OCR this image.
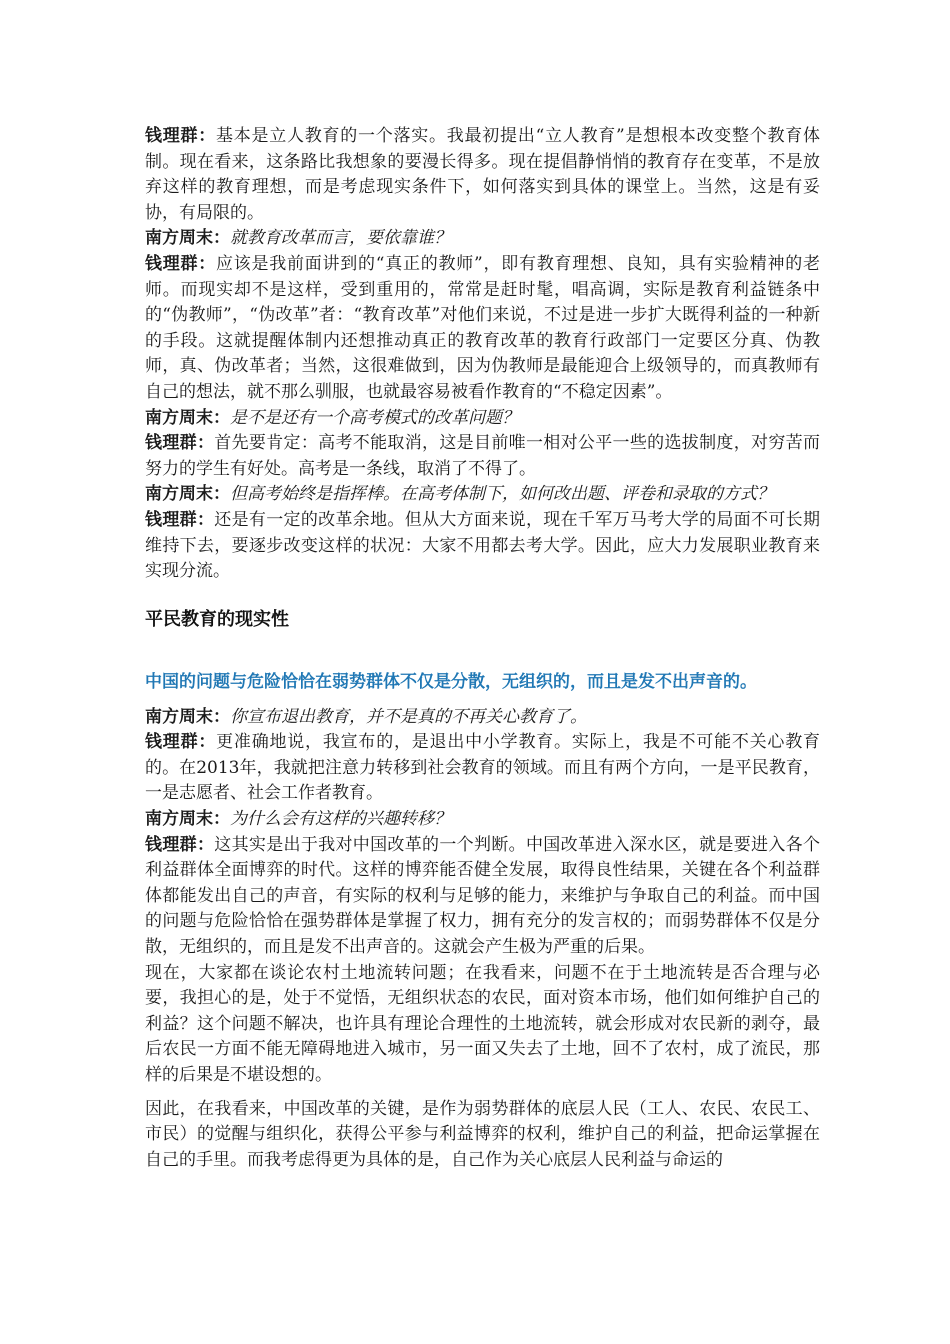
钱理群：基本是立人教育的一个落实。我最初提出“立人教育”是想根本改变整个教育体制。现在看来，这条路比我想象的要漫长得多。现在提倡静悄悄的教育存在变革，不是放弃这样的教育理想，而是考虑现实条件下，如何落实到具体的课堂上。当然，这是有妥协，有局限的。

南方周末：就教育改革而言，要依靠谁？

钱理群：应该是我前面讲到的“真正的教师”，即有教育理想、良知，具有实验精神的老师。而现实却不是这样，受到重用的，常常是赶时髦，唱高调，实际是教育利益链条中的“伪教师”，“伪改革”者：“教育改革”对他们来说，不过是进一步扩大既得利益的一种新的手段。这就提醒体制内还想推动真正的教育改革的教育行政部门一定要区分真、伪教师，真、伪改革者；当然，这很难做到，因为伪教师是最能迎合上级领导的，而真教师有自己的想法，就不那么驯服，也就最容易被看作教育的“不稳定因素”。

南方周末：是不是还有一个高考模式的改革问题？

钱理群：首先要肯定：高考不能取消，这是目前唯一相对公平一些的选拔制度，对穷苦而努力的学生有好处。高考是一条线，取消了不得了。

南方周末：但高考始终是指挥棒。在高考体制下，如何改出题、评卷和录取的方式？

钱理群：还是有一定的改革余地。但从大方面来说，现在千军万马考大学的局面不可长期维持下去，要逐步改变这样的状况：大家不用都去考大学。因此，应大力发展职业教育来实现分流。

平民教育的现实性
中国的问题与危险恰恰在弱势群体不仅是分散，无组织的，而且是发不出声音的。

南方周末：你宣布退出教育，并不是真的不再关心教育了。

钱理群：更准确地说，我宣布的，是退出中小学教育。实际上，我是不可能不关心教育的。在2013年，我就把注意力转移到社会教育的领域。而且有两个方向，一是平民教育，一是志愿者、社会工作者教育。

南方周末：为什么会有这样的兴趣转移？

钱理群：这其实是出于我对中国改革的一个判断。中国改革进入深水区，就是要进入各个利益群体全面博弈的时代。这样的博弈能否健全发展，取得良性结果，关键在各个利益群体都能发出自己的声音，有实际的权利与足够的能力，来维护与争取自己的利益。而中国的问题与危险恰恰在强势群体是掌握了权力，拥有充分的发言权的；而弱势群体不仅是分散，无组织的，而且是发不出声音的。这就会产生极为严重的后果。

现在，大家都在谈论农村土地流转问题；在我看来，问题不在于土地流转是否合理与必要，我担心的是，处于不觉悟，无组织状态的农民，面对资本市场，他们如何维护自己的利益？这个问题不解决，也许具有理论合理性的土地流转，就会形成对农民新的剥夺，最后农民一方面不能无障碍地进入城市，另一面又失去了土地，回不了农村，成了流民，那样的后果是不堪设想的。

因此，在我看来，中国改革的关键，是作为弱势群体的底层人民（工人、农民、农民工、市民）的觉醒与组织化，获得公平参与利益博弈的权利，维护自己的利益，把命运掌握在自己的手里。而我考虑得更为具体的是，自己作为关心底层人民利益与命运的
